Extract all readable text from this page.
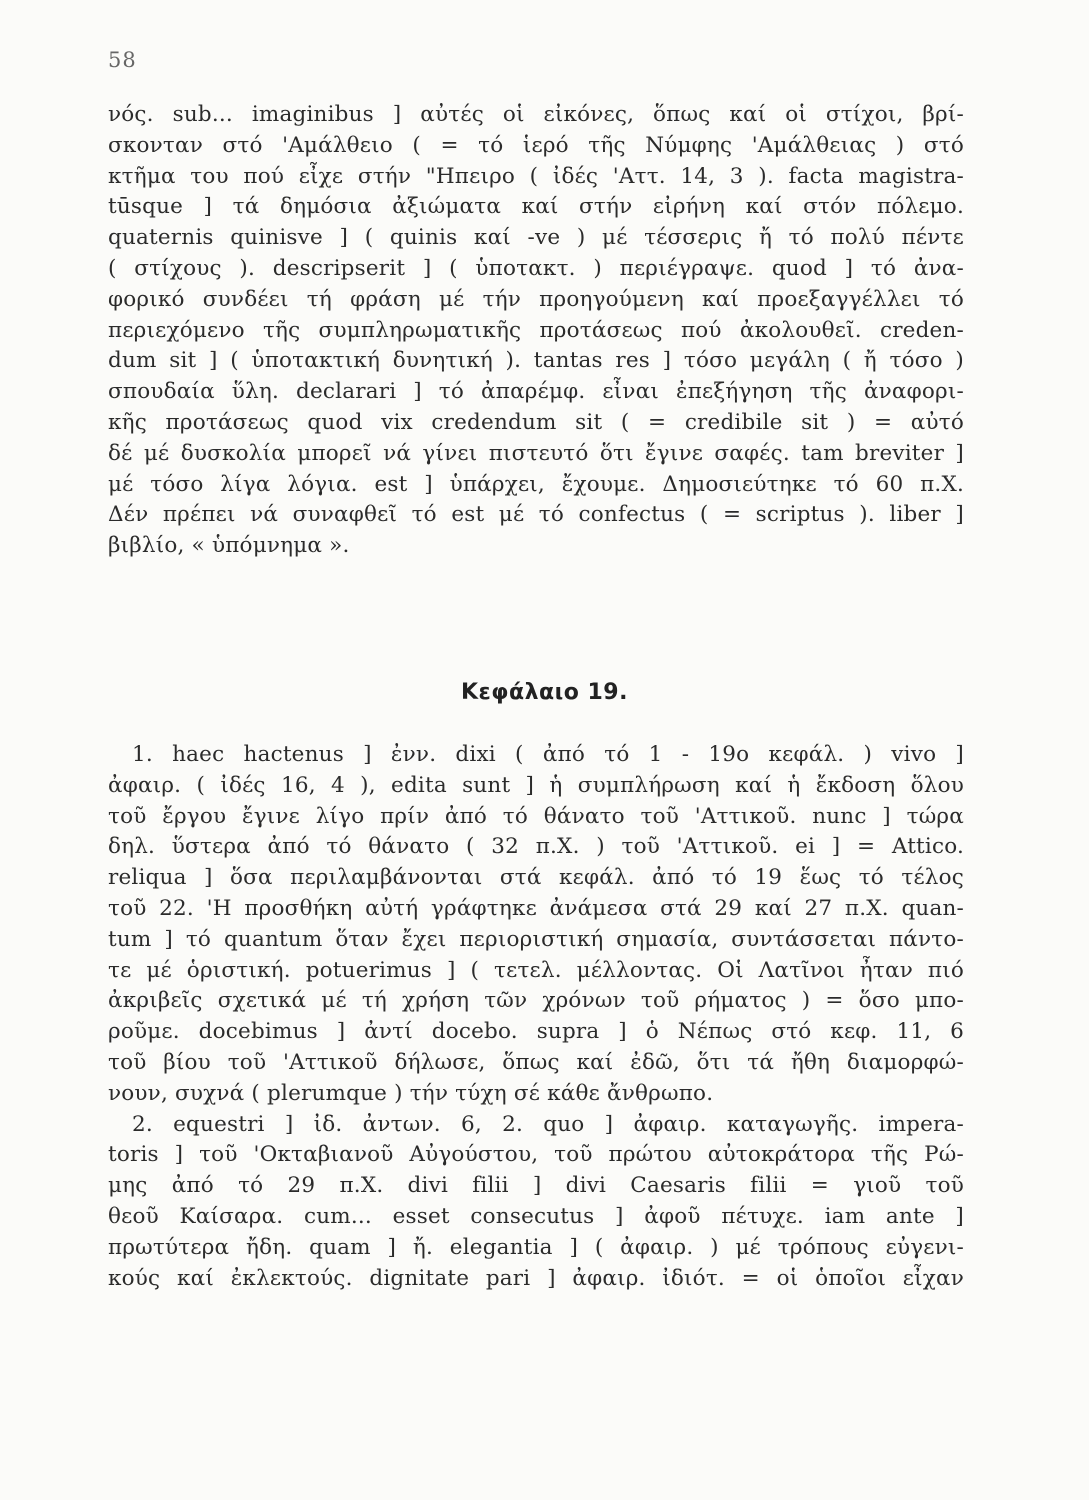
58
νός. sub... imaginibus ] αὐτές οἱ εἰκόνες, ὅπως καί οἱ στίχοι, βρί-
σκονταν στό 'Αμάλθειο ( = τό ἱερό τῆς Νύμφης 'Αμάλθειας ) στό
κτῆμα του πού εἶχε στήν "Ηπειρο ( ἰδές 'Αττ. 14, 3 ). facta magistra-
tūsque ] τά δημόσια ἀξιώματα καί στήν εἰρήνη καί στόν πόλεμο.
quaternis quinisve ] ( quinis καί -ve ) μέ τέσσερις ἤ τό πολύ πέντε
( στίχους ). descripserit ] ( ὑποτακτ. ) περιέγραψε. quod ] τό ἀνα-
φορικό συνδέει τή φράση μέ τήν προηγούμενη καί προεξαγγέλλει τό
περιεχόμενο τῆς συμπληρωματικῆς προτάσεως πού ἀκολουθεῖ. creden-
dum sit ] ( ὑποτακτική δυνητική ). tantas res ] τόσο μεγάλη ( ἤ τόσο )
σπουδαία ὕλη. declarari ] τό ἀπαρέμφ. εἶναι ἐπεξήγηση τῆς ἀναφορι-
κῆς προτάσεως quod vix credendum sit ( = credibile sit ) = αὐτό
δέ μέ δυσκολία μπορεῖ νά γίνει πιστευτό ὅτι ἔγινε σαφές. tam breviter ]
μέ τόσο λίγα λόγια. est ] ὑπάρχει, ἔχουμε. Δημοσιεύτηκε τό 60 π.Χ.
Δέν πρέπει νά συναφθεῖ τό est μέ τό confectus ( = scriptus ). liber ]
βιβλίο, « ὑπόμνημα ».
Κεφάλαιο 19.
1. haec hactenus ] ἐνν. dixi ( ἀπό τό 1 - 19ο κεφάλ. ) vivo ]
ἀφαιρ. ( ἰδές 16, 4 ), edita sunt ] ἡ συμπλήρωση καί ἡ ἔκδοση ὅλου
τοῦ ἔργου ἔγινε λίγο πρίν ἀπό τό θάνατο τοῦ 'Αττικοῦ. nunc ] τώρα
δηλ. ὕστερα ἀπό τό θάνατο ( 32 π.Χ. ) τοῦ 'Αττικοῦ. ei ] = Attico.
reliqua ] ὅσα περιλαμβάνονται στά κεφάλ. ἀπό τό 19 ἕως τό τέλος
τοῦ 22. 'Η προσθήκη αὐτή γράφτηκε ἀνάμεσα στά 29 καί 27 π.Χ. quan-
tum ] τό quantum ὅταν ἔχει περιοριστική σημασία, συντάσσεται πάντο-
τε μέ ὁριστική. potuerimus ] ( τετελ. μέλλοντας. Οἱ Λατῖνοι ἦταν πιό
ἀκριβεῖς σχετικά μέ τή χρήση τῶν χρόνων τοῦ ρήματος ) = ὅσο μπο-
ροῦμε. docebimus ] ἀντί docebo. supra ] ὁ Νέπως στό κεφ. 11, 6
τοῦ βίου τοῦ 'Αττικοῦ δήλωσε, ὅπως καί ἐδῶ, ὅτι τά ἤθη διαμορφώ-
νουν, συχνά ( plerumque ) τήν τύχη σέ κάθε ἄνθρωπο.
2. equestri ] ἰδ. ἀντων. 6, 2. quo ] ἀφαιρ. καταγωγῆς. impera-
toris ] τοῦ 'Οκταβιανοῦ Αὐγούστου, τοῦ πρώτου αὐτοκράτορα τῆς Ρώ-
μης ἀπό τό 29 π.Χ. divi filii ] divi Caesaris filii = γιοῦ τοῦ
θεοῦ Καίσαρα. cum... esset consecutus ] ἀφοῦ πέτυχε. iam ante ]
πρωτύτερα ἤδη. quam ] ἤ. elegantia ] ( ἀφαιρ. ) μέ τρόπους εὐγενι-
κούς καί ἐκλεκτούς. dignitate pari ] ἀφαιρ. ἰδιότ. = οἱ ὁποῖοι εἶχαν
